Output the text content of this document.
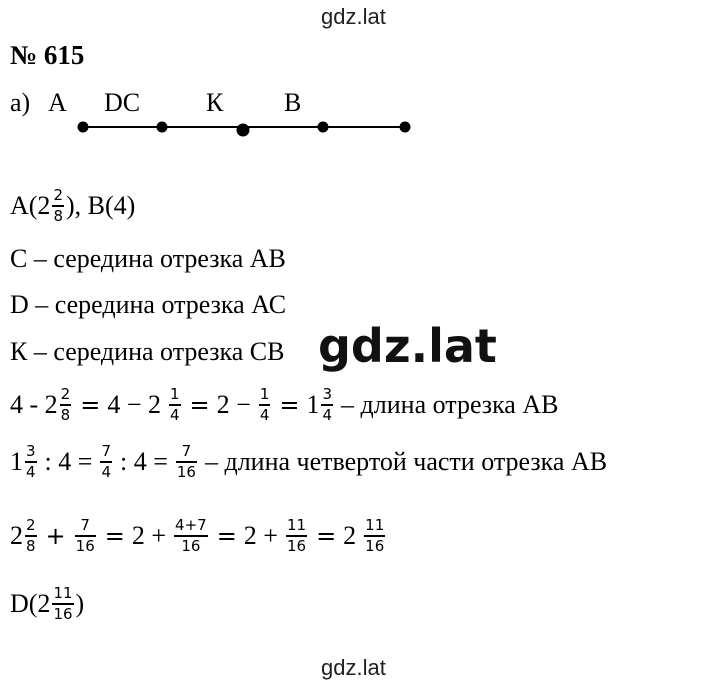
gdz.lat
gdz.lat
gdz.lat
№ 615
а) А DC	К В
$А(2 \frac{2}{8}$ ), В(4)
С – середина отрезка АВ
D – середина отрезка АС
К – середина отрезка СВ
$4 - 2 \frac{2}{8} = 4 - 2 \frac{1}{4} = 2 - \frac{1}{4} = 1 \frac{3}{4}$ – длина отрезка АВ
$1 \frac{3}{4}$ : $4 = \frac{7}{4}$ : $4 = \frac{7}{16}$ – длина четвертой части отрезка АВ
$2 \frac{2}{8} + \frac{7}{16} = 2 + \frac{4+7}{16} = 2 + \frac{11}{16} = 2 \frac{11}{16}$
$D(2 \frac{11}{16}$ )
